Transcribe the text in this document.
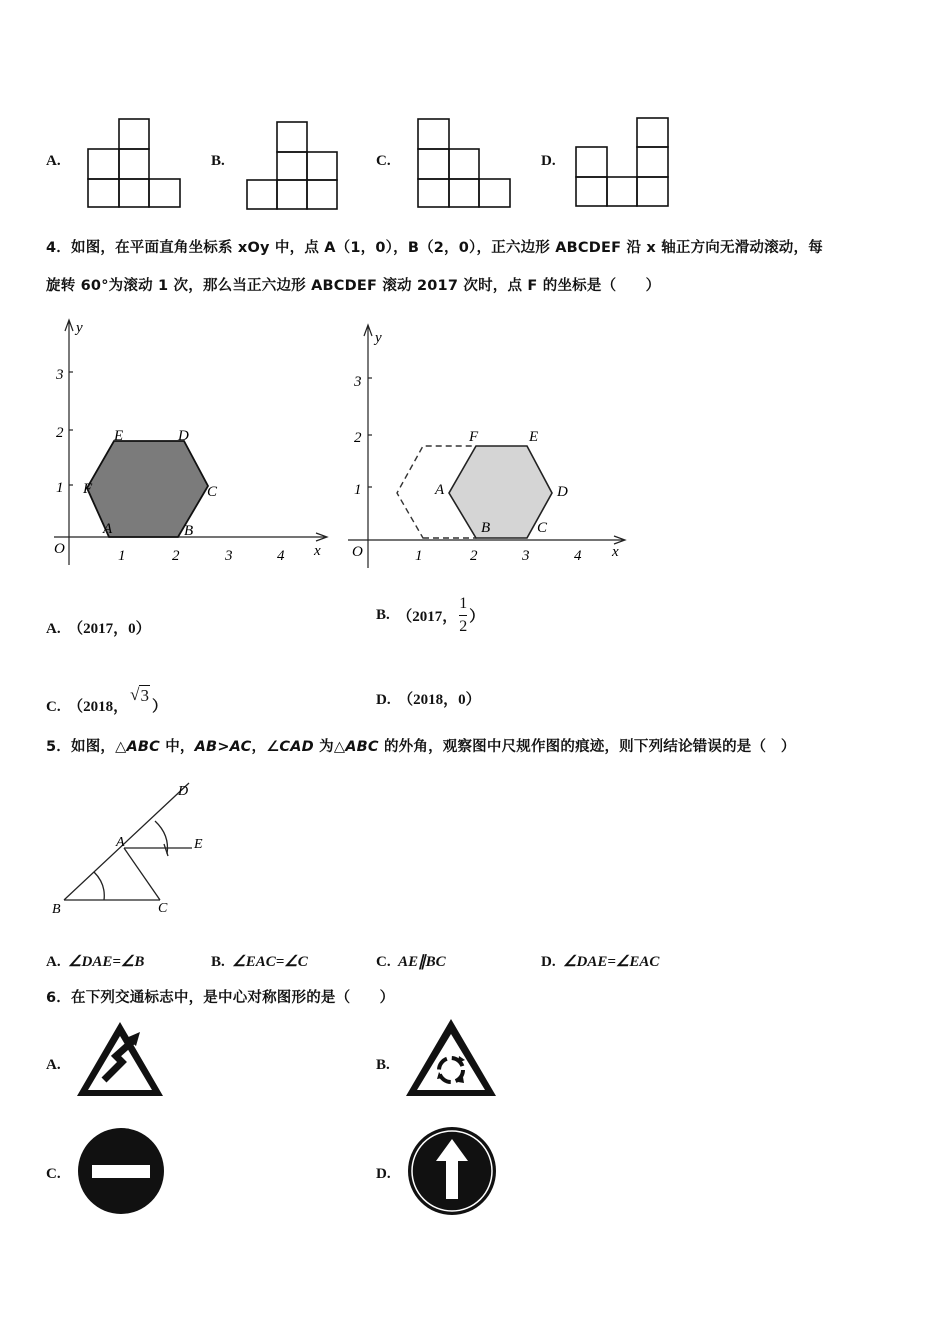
A.	B.	C.	D.
4．如图，在平面直角坐标系 xOy 中，点 A（1，0），B（2，0），正六边形 ABCDEF 沿 x 轴正方向无滑动滚动，每
旋转 60°为滚动 1 次，那么当正六边形 ABCDEF 滚动 2017 次时，点 F 的坐标是（　　）
3
2
1
y
O	1	2	3	4 x
A	B
C
D
E
F
3
2
1
y
O	1	2	3	4 x
A
B	C
D
E
F
A. （2017，0）
B.
（2017， $\frac{1}{2}$ ）
C.
（2018，
√ 3
）	D. （2018，0）
5．如图，△ABC 中，AB>AC，∠CAD 为△ABC 的外角，观察图中尺规作图的痕迹，则下列结论错误的是（　）
A
B	C
D
E
A. ∠DAE=∠B	B. ∠EAC=∠C	C. AE∥BC	D. ∠DAE=∠EAC
6．在下列交通标志中，是中心对称图形的是（　　）
A.	B.
C.	D.
